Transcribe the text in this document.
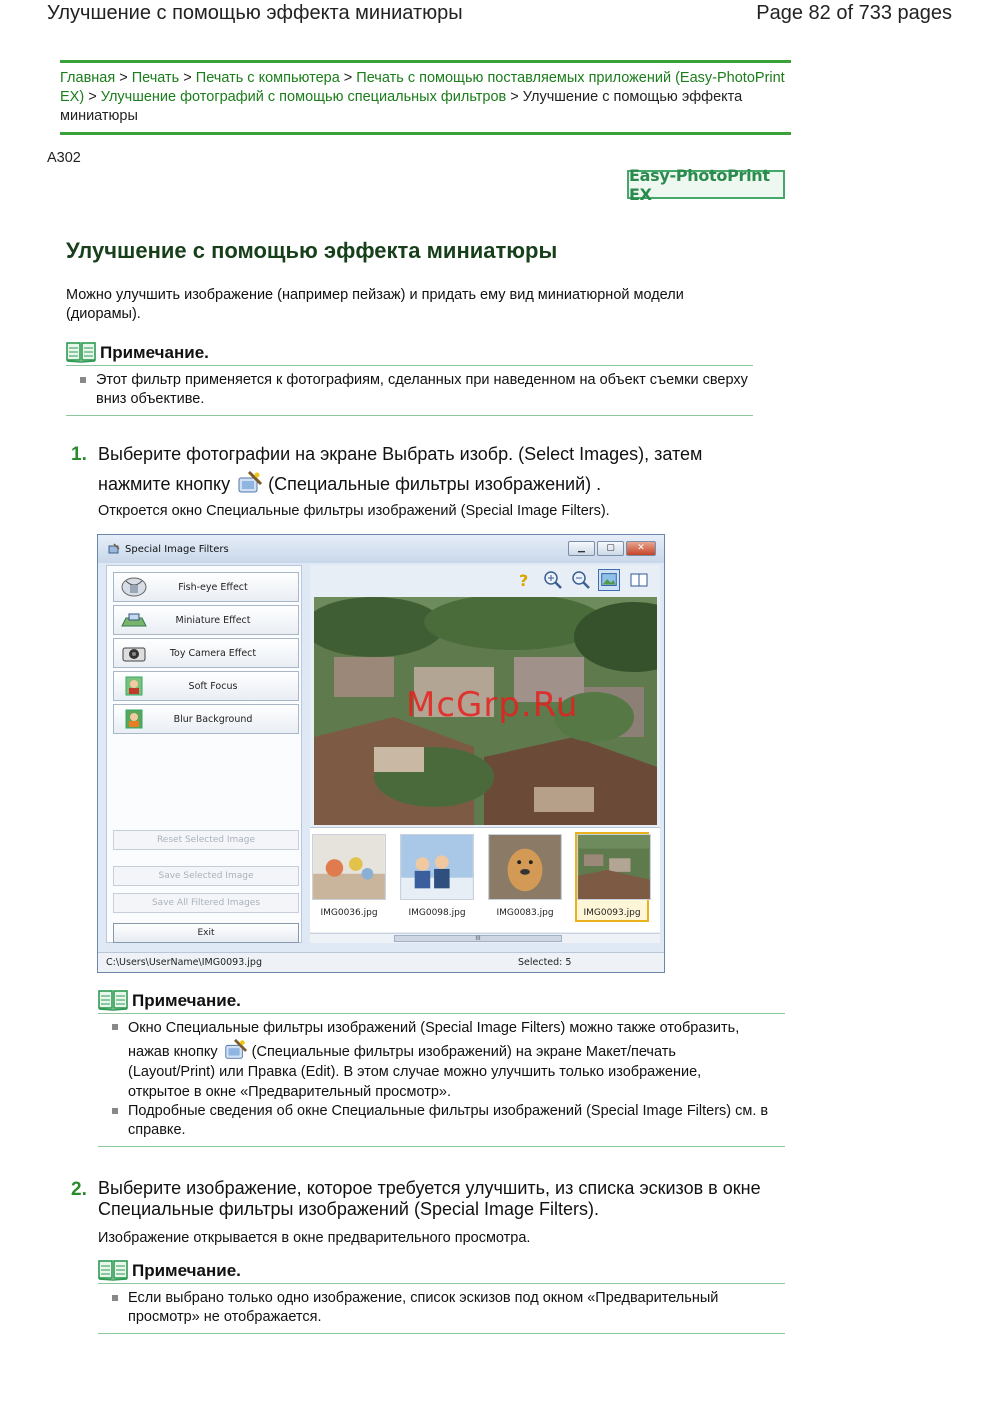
Улучшение с помощью эффекта миниатюры	Page 82 of 733 pages
Главная > Печать > Печать с компьютера > Печать с помощью поставляемых приложений (Easy-PhotoPrint EX) > Улучшение фотографий с помощью специальных фильтров > Улучшение с помощью эффекта миниатюры
A302
Easy-PhotoPrint EX
Улучшение с помощью эффекта миниатюры
Можно улучшить изображение (например пейзаж) и придать ему вид миниатюрной модели (диорамы).
Примечание.
Этот фильтр применяется к фотографиям, сделанных при наведенном на объект съемки сверху вниз объективе.
1. Выберите фотографии на экране Выбрать изобр. (Select Images), затем нажмите кнопку (Специальные фильтры изображений) .
Откроется окно Специальные фильтры изображений (Special Image Filters).
Special Image Filters	▁	▢	✕
Fish-eye Effect
Miniature Effect
Toy Camera Effect
Soft Focus
Blur Background
Reset Selected Image
Save Selected Image
Save All Filtered Images
Exit
?
IMG0036.jpg	IMG0098.jpg	IMG0083.jpg	IMG0093.jpg
III
McGrp.Ru
C:\Users\UserName\IMG0093.jpg	Selected: 5
Примечание.
Окно Специальные фильтры изображений (Special Image Filters) можно также отобразить, нажав кнопку (Специальные фильтры изображений) на экране Макет/печать (Layout/Print) или Правка (Edit). В этом случае можно улучшить только изображение, открытое в окне «Предварительный просмотр».
Подробные сведения об окне Специальные фильтры изображений (Special Image Filters) см. в справке.
2. Выберите изображение, которое требуется улучшить, из списка эскизов в окне Специальные фильтры изображений (Special Image Filters).
Изображение открывается в окне предварительного просмотра.
Примечание.
Если выбрано только одно изображение, список эскизов под окном «Предварительный просмотр» не отображается.
